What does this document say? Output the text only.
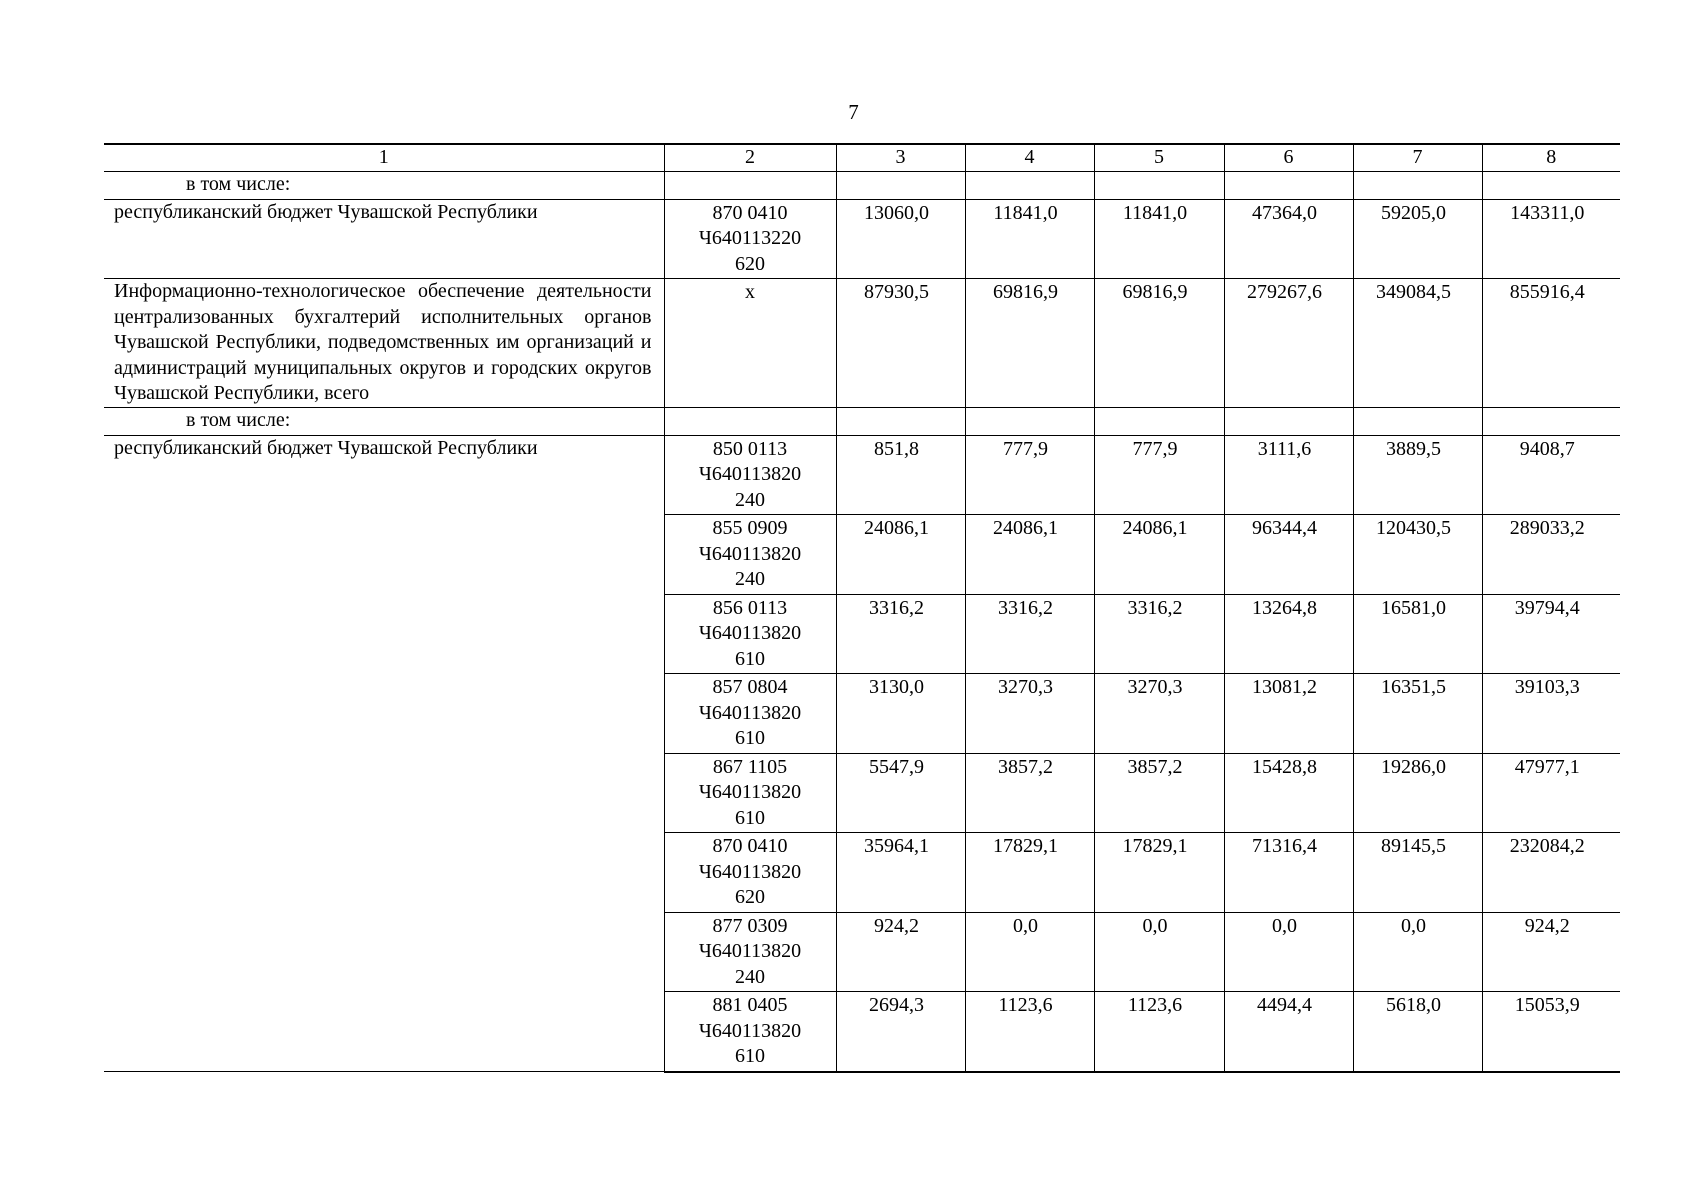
7
1	2	3	4	5	6	7	8
в том числе:							
республиканский бюджет Чувашской Республики	870 0410
Ч640113220
620	13060,0	11841,0	11841,0	47364,0	59205,0	143311,0
Информационно-технологическое обеспечение деятельности централизованных бухгалтерий исполнительных органов Чувашской Республики, подведомственных им организаций и администраций муниципальных округов и городских округов Чувашской Республики, всего	x	87930,5	69816,9	69816,9	279267,6	349084,5	855916,4
в том числе:							
республиканский бюджет Чувашской Республики	850 0113
Ч640113820
240	851,8	777,9	777,9	3111,6	3889,5	9408,7

	855 0909
Ч640113820
240	24086,1	24086,1	24086,1	96344,4	120430,5	289033,2

	856 0113
Ч640113820
610	3316,2	3316,2	3316,2	13264,8	16581,0	39794,4

	857 0804
Ч640113820
610	3130,0	3270,3	3270,3	13081,2	16351,5	39103,3

	867 1105
Ч640113820
610	5547,9	3857,2	3857,2	15428,8	19286,0	47977,1

	870 0410
Ч640113820
620	35964,1	17829,1	17829,1	71316,4	89145,5	232084,2

	877 0309
Ч640113820
240	924,2	0,0	0,0	0,0	0,0	924,2

	881 0405
Ч640113820
610	2694,3	1123,6	1123,6	4494,4	5618,0	15053,9
